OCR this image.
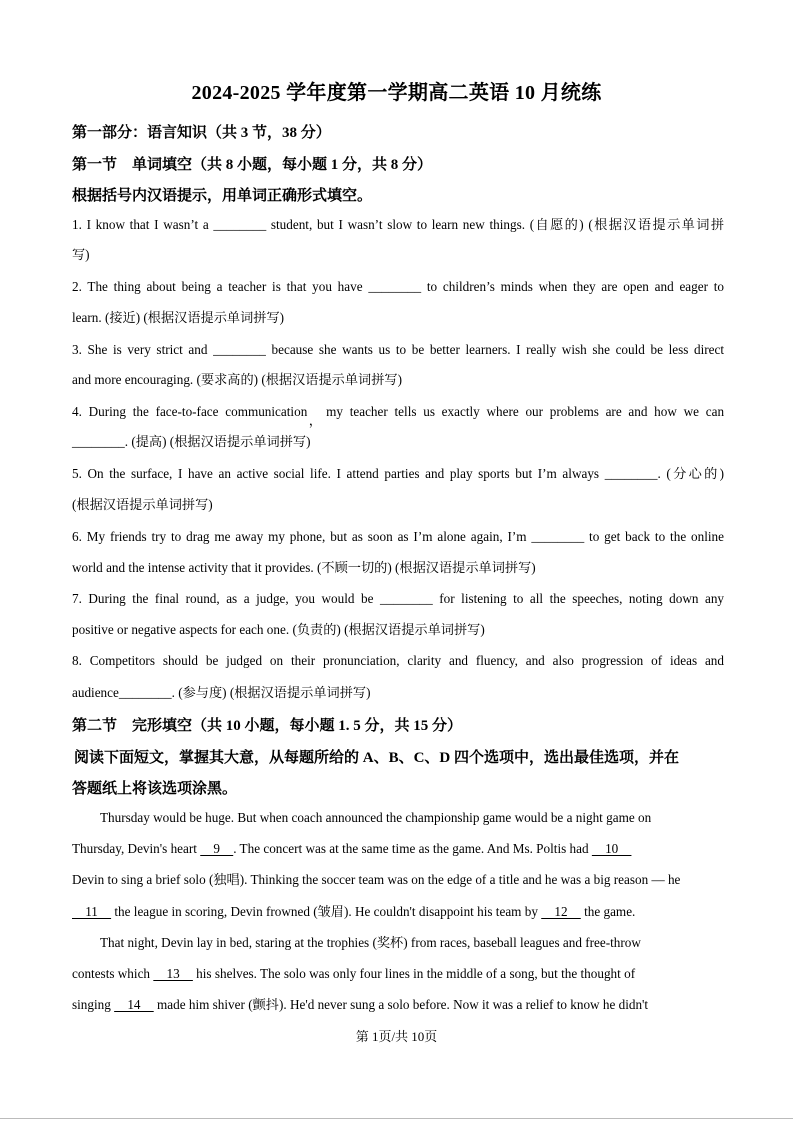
2024-2025 学年度第一学期高二英语 10 月统练
第一部分：语言知识（共 3 节，38 分）
第一节　单词填空（共 8 小题，每小题 1 分，共 8 分）
根据括号内汉语提示，用单词正确形式填空。
1. I know that I wasn’t a ________ student, but I wasn’t slow to learn new things. (自愿的) (根据汉语提示单词拼
写)
2. The thing about being a teacher is that you have ________ to children’s minds when they are open and eager to
learn. (接近) (根据汉语提示单词拼写)
3. She is very strict and ________ because she wants us to be better learners. I really wish she could be less direct
and more encouraging. (要求高的) (根据汉语提示单词拼写)
4. During the face-to-face communication， my teacher tells us exactly where our problems are and how we can
________. (提高) (根据汉语提示单词拼写)
5. On the surface, I have an active social life. I attend parties and play sports but I’m always ________. (分心的)
(根据汉语提示单词拼写)
6. My friends try to drag me away my phone, but as soon as I’m alone again, I’m ________ to get back to the online
world and the intense activity that it provides. (不顾一切的) (根据汉语提示单词拼写)
7. During the final round, as a judge, you would be ________ for listening to all the speeches, noting down any
positive or negative aspects for each one. (负责的) (根据汉语提示单词拼写)
8. Competitors should be judged on their pronunciation, clarity and fluency, and also progression of ideas and
audience________. (参与度) (根据汉语提示单词拼写)
第二节　完形填空（共 10 小题，每小题 1. 5 分，共 15 分）
阅读下面短文，掌握其大意，从每题所给的 A、B、C、D 四个选项中，选出最佳选项，并在
答题纸上将该选项涂黑。
Thursday would be huge. But when coach announced the championship game would be a night game on
Thursday, Devin's heart     9    . The concert was at the same time as the game. And Ms. Poltis had     10
Devin to sing a brief solo (独唱). Thinking the soccer team was on the edge of a title and he was a big reason — he
11     the league in scoring, Devin frowned (皱眉). He couldn't disappoint his team by     12     the game.
That night, Devin lay in bed, staring at the trophies (奖杯) from races, baseball leagues and free-throw
contests which     13     his shelves. The solo was only four lines in the middle of a song, but the thought of
singing     14     made him shiver (颤抖). He'd never sung a solo before. Now it was a relief to know he didn't
第 1页/共 10页
